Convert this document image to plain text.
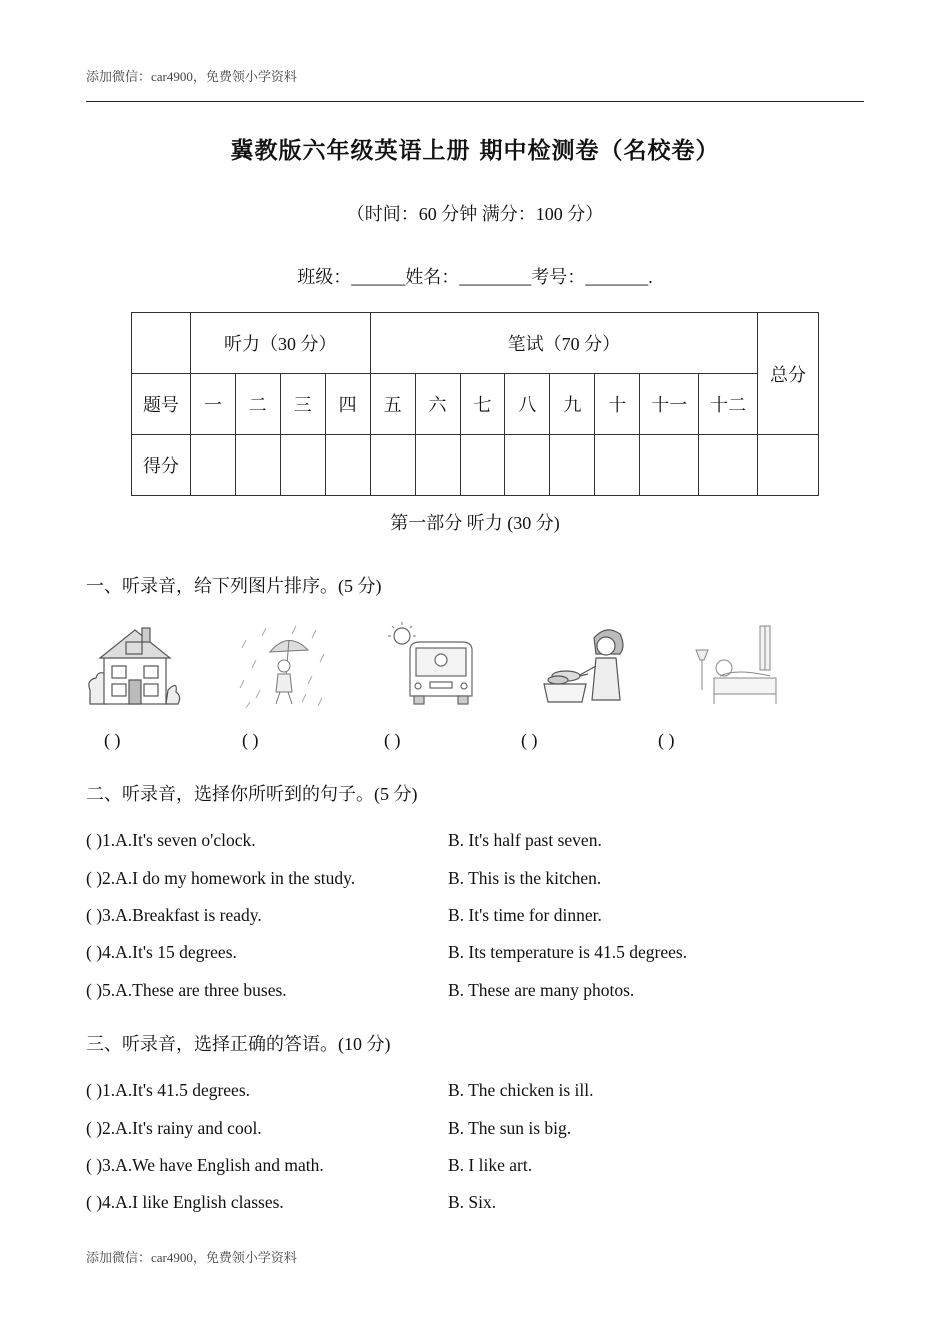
添加微信：car4900，免费领小学资料
冀教版六年级英语上册 期中检测卷（名校卷）
（时间：60 分钟 满分：100 分）
班级：______姓名：________考号：_______.
	听力（30 分）				笔试（70 分）								总分
题号	一	二	三	四	五	六	七	八	九	十	十一	十二	
得分													
第一部分 听力 (30 分)
一、听录音，给下列图片排序。(5 分)
( )	( )	( )	( )	( )
二、听录音，选择你所听到的句子。(5 分)
( )1.A.It's seven o'clock.	B. It's half past seven.
( )2.A.I do my homework in the study.	B. This is the kitchen.
( )3.A.Breakfast is ready.	B. It's time for dinner.
( )4.A.It's 15 degrees.	B. Its temperature is 41.5 degrees.
( )5.A.These are three buses.	B. These are many photos.
三、听录音，选择正确的答语。(10 分)
( )1.A.It's 41.5 degrees.	B. The chicken is ill.
( )2.A.It's rainy and cool.	B. The sun is big.
( )3.A.We have English and math.	B. I like art.
( )4.A.I like English classes.	B. Six.
添加微信：car4900，免费领小学资料
